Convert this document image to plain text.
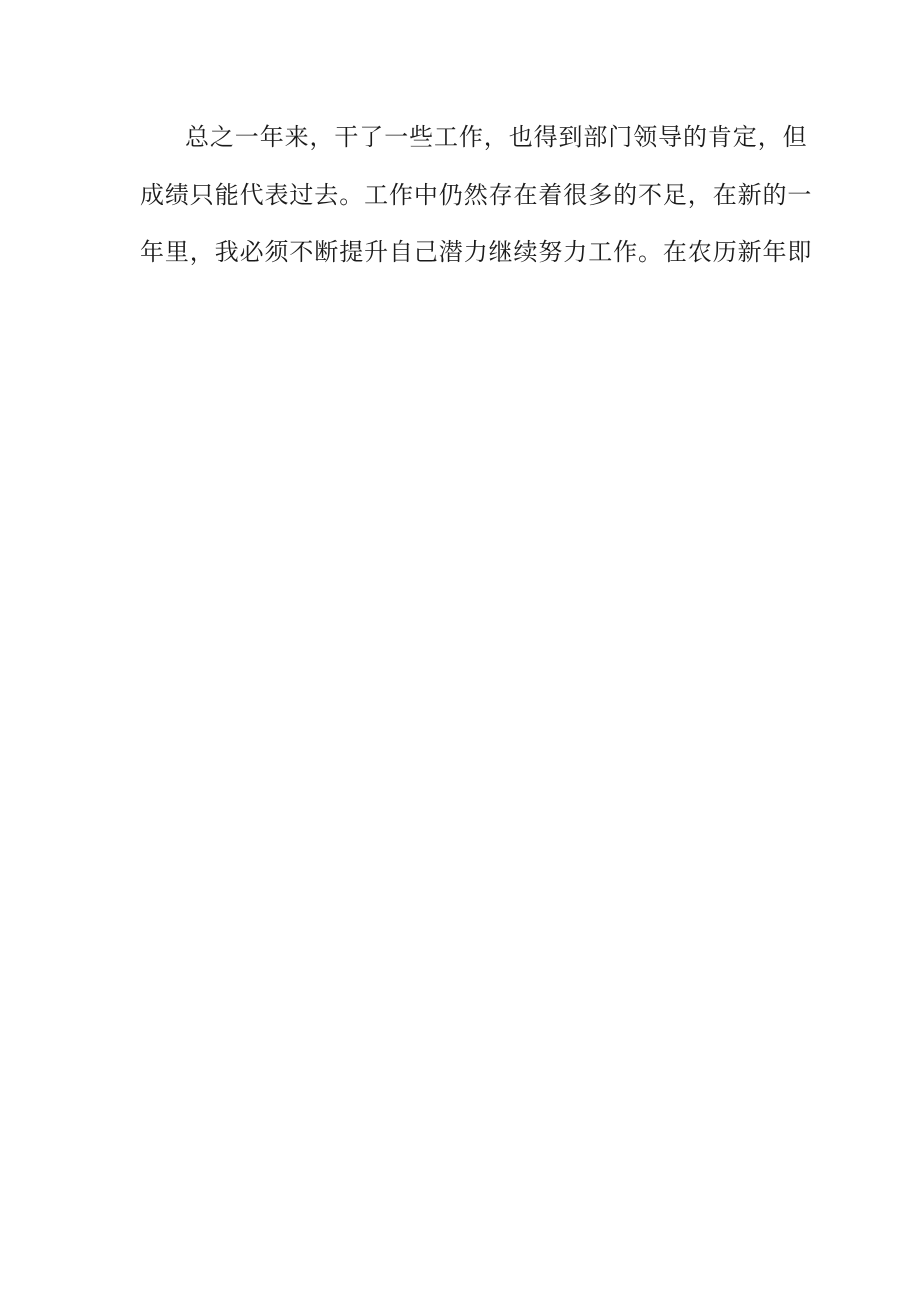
总之一年来，干了一些工作，也得到部门领导的肯定，但
成绩只能代表过去。工作中仍然存在着很多的不足，在新的一
年里，我必须不断提升自己潜力继续努力工作。在农历新年即
